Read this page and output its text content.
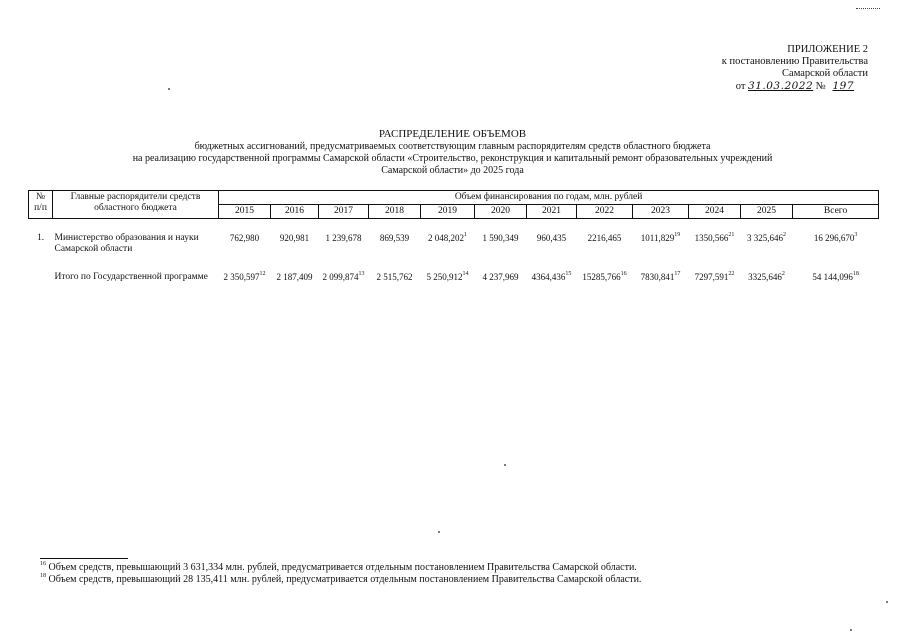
ПРИЛОЖЕНИЕ 2
к постановлению Правительства
Самарской области
от 31.03.2022 № 197
РАСПРЕДЕЛЕНИЕ ОБЪЕМОВ
бюджетных ассигнований, предусматриваемых соответствующим главным распорядителям средств областного бюджета
на реализацию государственной программы Самарской области «Строительство, реконструкция и капитальный ремонт образовательных учреждений
Самарской области» до 2025 года
№ п/п	Главные распорядители средств областного бюджета	Объем финансирования по годам, млн. рублей											
		2015	2016	2017	2018	2019	2020	2021	2022	2023	2024	2025	Всего
1.	Министерство образования и науки Самарской области	762,980	920,981	1 239,678	869,539	2 048,202$^1$	1 590,349	960,435	2216,465	1011,829$^{19}$	1350,566$^{21}$	3 325,646$^2$	16 296,670$^3$
	Итого по Государственной программе	2 350,597$^{12}$	2 187,409	2 099,874$^{13}$	2 515,762	5 250,912$^{14}$	4 237,969	4364,436$^{15}$	15285,766$^{16}$	7830,841$^{17}$	7297,591$^{22}$	3325,646$^2$	54 144,096$^{18}$
$^{16}$ Объем средств, превышающий 3 631,334 млн. рублей, предусматривается отдельным постановлением Правительства Самарской области.
$^{18}$ Объем средств, превышающий 28 135,411 млн. рублей, предусматривается отдельным постановлением Правительства Самарской области.
